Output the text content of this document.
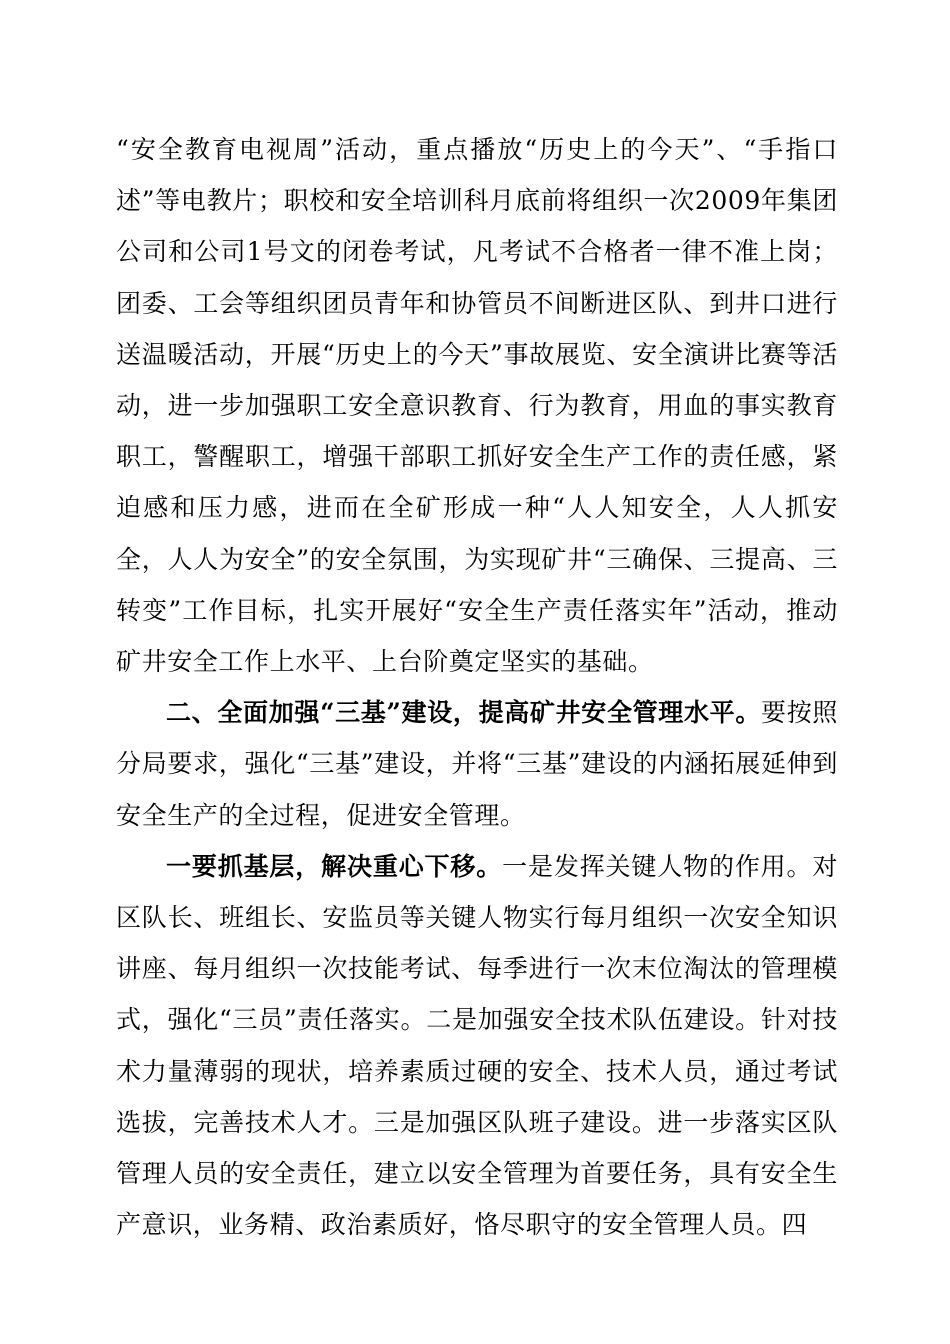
“安全教育电视周”活动，重点播放“历史上的今天”、“手指口述”等电教片；职校和安全培训科月底前将组织一次2009年集团公司和公司1号文的闭卷考试，凡考试不合格者一律不准上岗；团委、工会等组织团员青年和协管员不间断进区队、到井口进行送温暖活动，开展“历史上的今天”事故展览、安全演讲比赛等活动，进一步加强职工安全意识教育、行为教育，用血的事实教育职工，警醒职工，增强干部职工抓好安全生产工作的责任感，紧迫感和压力感，进而在全矿形成一种“人人知安全，人人抓安全，人人为安全”的安全氛围，为实现矿井“三确保、三提高、三转变”工作目标，扎实开展好“安全生产责任落实年”活动，推动矿井安全工作上水平、上台阶奠定坚实的基础。

二、全面加强“三基”建设，提高矿井安全管理水平。要按照分局要求，强化“三基”建设，并将“三基”建设的内涵拓展延伸到安全生产的全过程，促进安全管理。

一要抓基层，解决重心下移。一是发挥关键人物的作用。对区队长、班组长、安监员等关键人物实行每月组织一次安全知识讲座、每月组织一次技能考试、每季进行一次末位淘汰的管理模式，强化“三员”责任落实。二是加强安全技术队伍建设。针对技术力量薄弱的现状，培养素质过硬的安全、技术人员，通过考试选拔，完善技术人才。三是加强区队班子建设。进一步落实区队管理人员的安全责任，建立以安全管理为首要任务，具有安全生产意识，业务精、政治素质好，恪尽职守的安全管理人员。四
